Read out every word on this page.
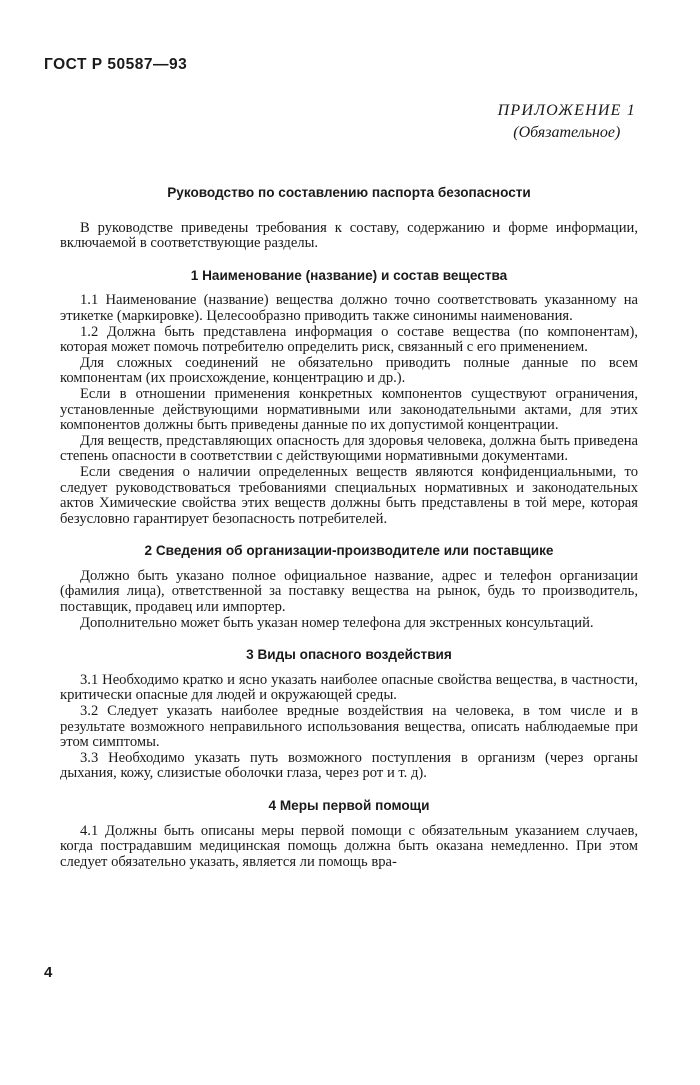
ГОСТ Р 50587—93
ПРИЛОЖЕНИЕ 1
(Обязательное)
Руководство по составлению паспорта безопасности

В руководстве приведены требования к составу, содержанию и форме информации, включаемой в соответствующие разделы.

1 Наименование (название) и состав вещества

1.1 Наименование (название) вещества должно точно соответствовать указанному на этикетке (маркировке). Целесообразно приводить также синонимы наименования.

1.2 Должна быть представлена информация о составе вещества (по компонентам), которая может помочь потребителю определить риск, связанный с его применением.

Для сложных соединений не обязательно приводить полные данные по всем компонентам (их происхождение, концентрацию и др.).

Если в отношении применения конкретных компонентов существуют ограничения, установленные действующими нормативными или законодательными актами, для этих компонентов должны быть приведены данные по их допустимой концентрации.

Для веществ, представляющих опасность для здоровья человека, должна быть приведена степень опасности в соответствии с действующими нормативными документами.

Если сведения о наличии определенных веществ являются конфиденциальными, то следует руководствоваться требованиями специальных нормативных и законодательных актов Химические свойства этих веществ должны быть представлены в той мере, которая безусловно гарантирует безопасность потребителей.

2 Сведения об организации-производителе или поставщике

Должно быть указано полное официальное название, адрес и телефон организации (фамилия лица), ответственной за поставку вещества на рынок, будь то производитель, поставщик, продавец или импортер.

Дополнительно может быть указан номер телефона для экстренных консультаций.

3 Виды опасного воздействия

3.1 Необходимо кратко и ясно указать наиболее опасные свойства вещества, в частности, критически опасные для людей и окружающей среды.

3.2 Следует указать наиболее вредные воздействия на человека, в том числе и в результате возможного неправильного использования вещества, описать наблюдаемые при этом симптомы.

3.3 Необходимо указать путь возможного поступления в организм (через органы дыхания, кожу, слизистые оболочки глаза, через рот и т. д).

4 Меры первой помощи

4.1 Должны быть описаны меры первой помощи с обязательным указанием случаев, когда пострадавшим медицинская помощь должна быть оказана немедленно. При этом следует обязательно указать, является ли помощь вра-

4
